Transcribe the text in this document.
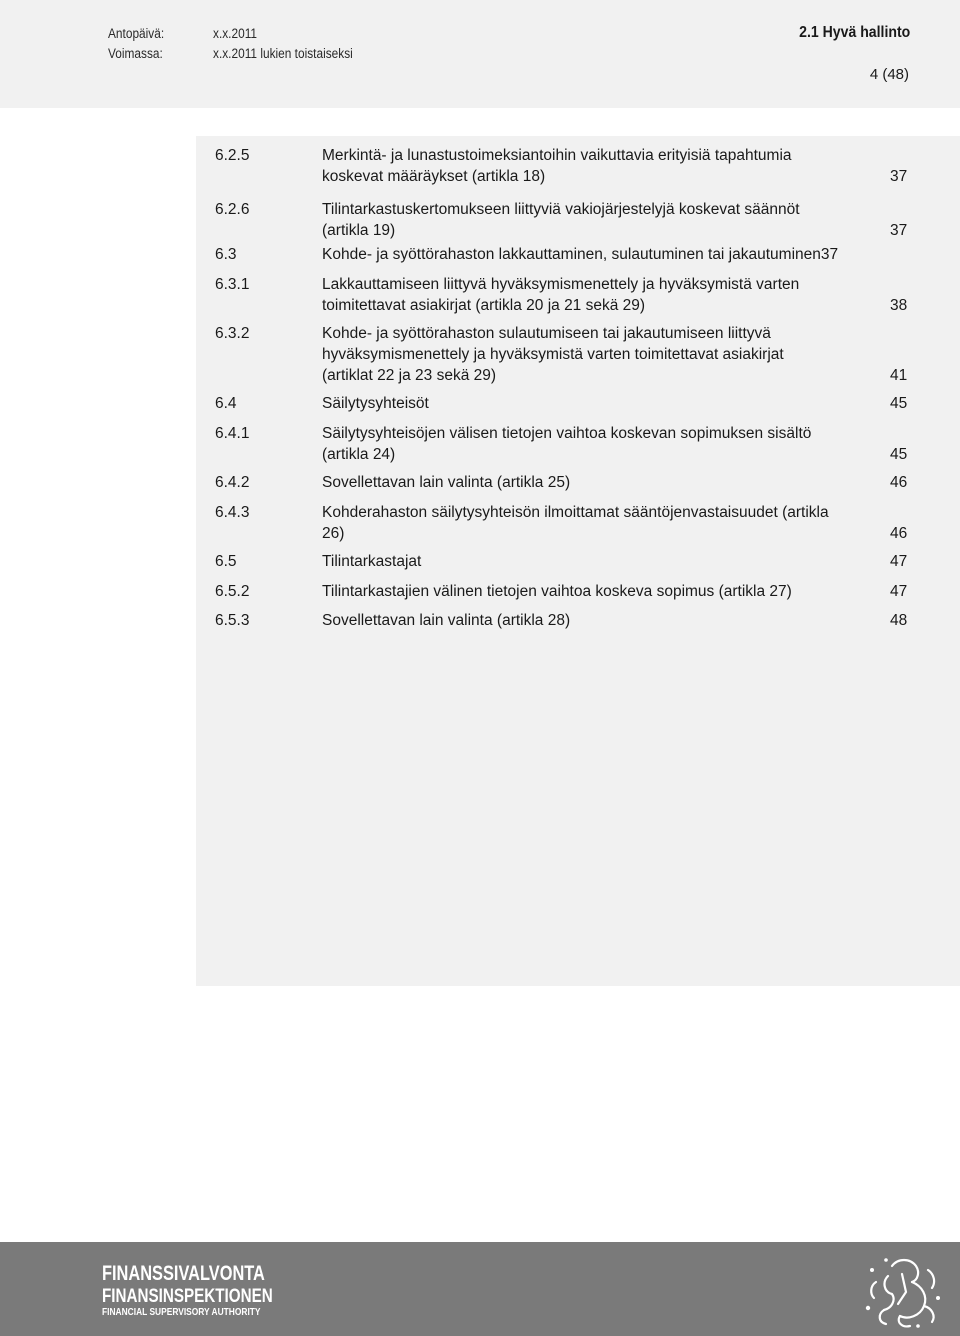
Antopäivä:	x.x.2011
Voimassa:	x.x.2011 lukien toistaiseksi
2.1 Hyvä hallinto
4 (48)
6.2.5	Merkintä- ja lunastustoimeksiantoihin vaikuttavia erityisiä tapahtumia
koskevat määräykset (artikla 18)	37
6.2.6	Tilintarkastuskertomukseen liittyviä vakiojärjestelyjä koskevat säännöt
(artikla 19)	37
6.3	Kohde- ja syöttörahaston lakkauttaminen, sulautuminen tai jakautuminen37
6.3.1	Lakkauttamiseen liittyvä hyväksymismenettely ja hyväksymistä varten
toimitettavat asiakirjat (artikla 20 ja 21 sekä 29)	38
6.3.2	Kohde- ja syöttörahaston sulautumiseen tai jakautumiseen liittyvä
hyväksymismenettely ja hyväksymistä varten toimitettavat asiakirjat
(artiklat 22 ja 23 sekä 29)	41
6.4	Säilytysyhteisöt	45
6.4.1	Säilytysyhteisöjen välisen tietojen vaihtoa koskevan sopimuksen sisältö
(artikla 24)	45
6.4.2	Sovellettavan lain valinta (artikla 25)	46
6.4.3	Kohderahaston säilytysyhteisön ilmoittamat sääntöjenvastaisuudet (artikla
26)	46
6.5	Tilintarkastajat	47
6.5.2	Tilintarkastajien välinen tietojen vaihtoa koskeva sopimus (artikla 27)	47
6.5.3	Sovellettavan lain valinta (artikla 28)	48
FINANSSIVALVONTA
FINANSINSPEKTIONEN
FINANCIAL SUPERVISORY AUTHORITY
